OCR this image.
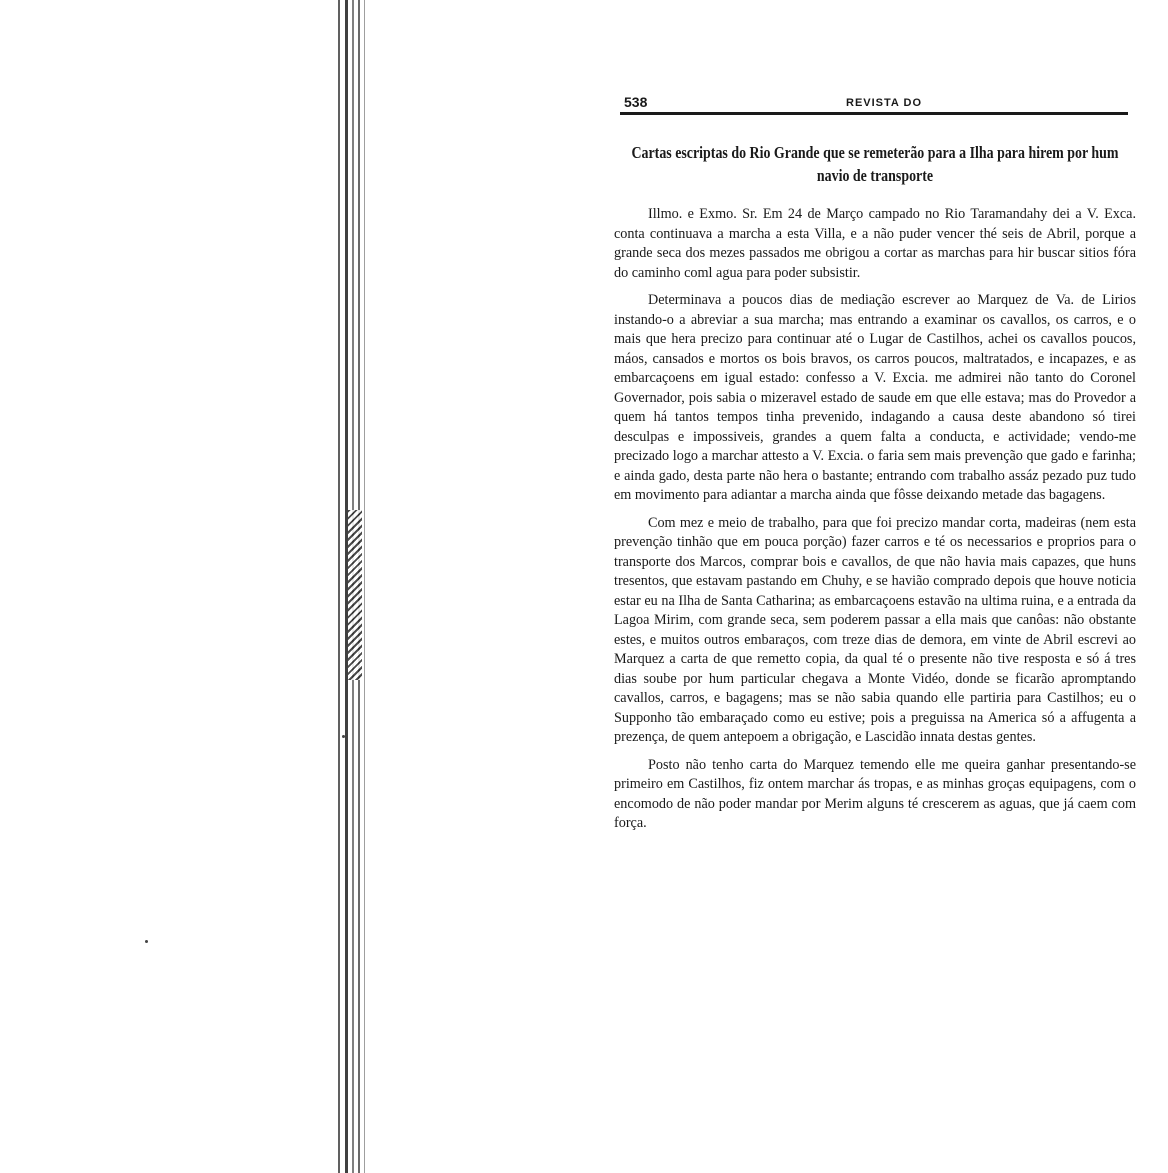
538	REVISTA DO
Cartas escriptas do Rio Grande que se remeterão para a Ilha para hirem por hum navio de transporte

Illmo. e Exmo. Sr. Em 24 de Março campado no Rio Taramandahy dei a V. Exca. conta continuava a marcha a esta Villa, e a não puder vencer thé seis de Abril, porque a grande seca dos mezes passados me obrigou a cortar as marchas para hir buscar sitios fóra do caminho coml agua para poder subsistir.

Determinava a poucos dias de mediação escrever ao Marquez de Va. de Lirios instando-o a abreviar a sua marcha; mas entrando a examinar os cavallos, os carros, e o mais que hera precizo para continuar até o Lugar de Castilhos, achei os cavallos poucos, máos, cansados e mortos os bois bravos, os carros poucos, maltratados, e incapazes, e as embarcaçoens em igual estado: confesso a V. Excia. me admirei não tanto do Coronel Governador, pois sabia o mizeravel estado de saude em que elle estava; mas do Provedor a quem há tantos tempos tinha prevenido, indagando a causa deste abandono só tirei desculpas e impossiveis, grandes a quem falta a conducta, e actividade; vendo-me precizado logo a marchar attesto a V. Excia. o faria sem mais prevenção que gado e farinha; e ainda gado, desta parte não hera o bastante; entrando com trabalho assáz pezado puz tudo em movimento para adiantar a marcha ainda que fôsse deixando metade das bagagens.

Com mez e meio de trabalho, para que foi precizo mandar corta, madeiras (nem esta prevenção tinhão que em pouca porção) fazer carros e té os necessarios e proprios para o transporte dos Marcos, comprar bois e cavallos, de que não havia mais capazes, que huns tresentos, que estavam pastando em Chuhy, e se havião comprado depois que houve noticia estar eu na Ilha de Santa Catharina; as embarcaçoens estavão na ultima ruina, e a entrada da Lagoa Mirim, com grande seca, sem poderem passar a ella mais que canôas: não obstante estes, e muitos outros embaraços, com treze dias de demora, em vinte de Abril escrevi ao Marquez a carta de que remetto copia, da qual té o presente não tive resposta e só á tres dias soube por hum particular chegava a Monte Vidéo, donde se ficarão apromptando cavallos, carros, e bagagens; mas se não sabia quando elle partiria para Castilhos; eu o Supponho tão embaraçado como eu estive; pois a preguissa na America só a affugenta a prezença, de quem antepoem a obrigação, e Lascidão innata destas gentes.

Posto não tenho carta do Marquez temendo elle me queira ganhar presentando-se primeiro em Castilhos, fiz ontem marchar ás tropas, e as minhas groças equipagens, com o encomodo de não poder mandar por Merim alguns té crescerem as aguas, que já caem com força.
